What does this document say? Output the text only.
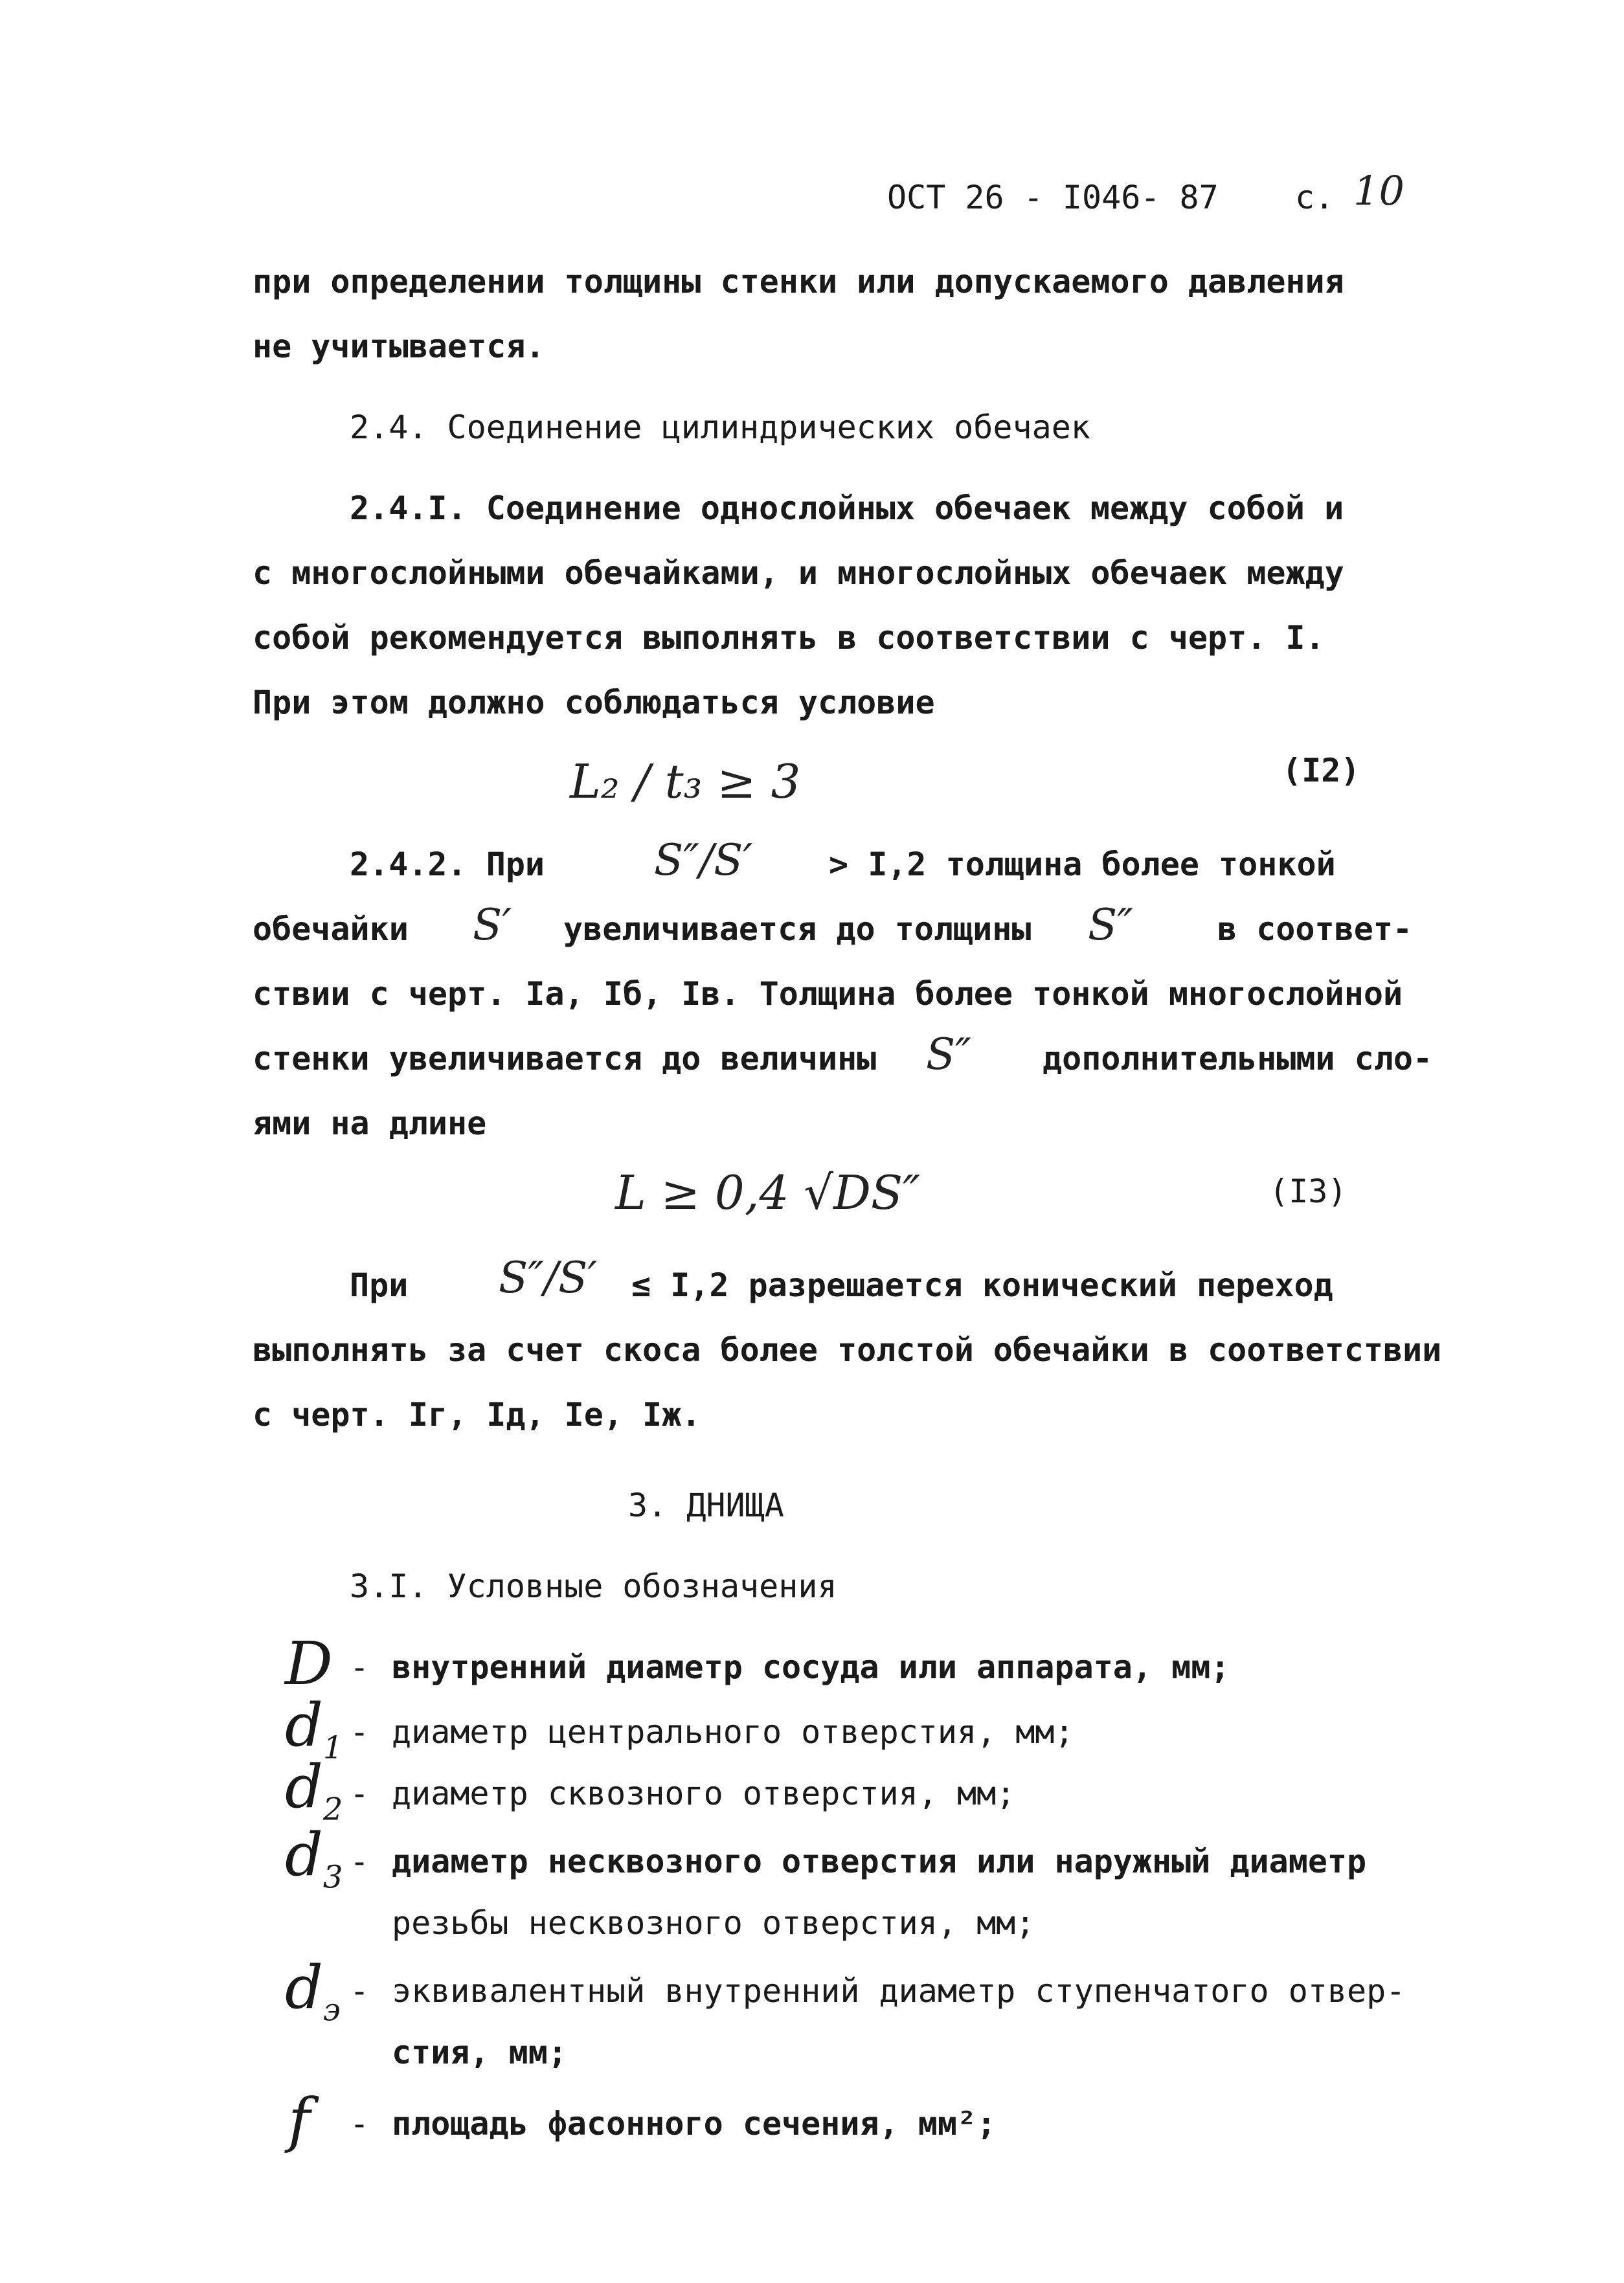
ОСТ 26 - I046- 87 с. 10
при определении толщины стенки или допускаемого давления
не учитывается.
2.4. Соединение цилиндрических обечаек
2.4.I. Соединение однослойных обечаек между собой и
с многослойными обечайками, и многослойных обечаек между
собой рекомендуется выполнять в соответствии с черт. I.
При этом должно соблюдаться условие
L₂ / t₃ ≥ 3	(I2)
2.4.2. При	S″/S′ > I,2 толщина более тонкой
обечайки S′ увеличивается до толщины S″	в соответ-
ствии с черт. Iа, Iб, Iв. Толщина более тонкой многослойной
стенки увеличивается до величины S″ дополнительными сло-
ями на длине
L ≥ 0,4 √DS″	(I3)
При S″/S′ ≤ I,2 разрешается конический переход
выполнять за счет скоса более толстой обечайки в соответствии
с черт. Iг, Iд, Iе, Iж.
3. ДНИЩА
3.I. Условные обозначения
D - внутренний диаметр сосуда или аппарата, мм;
$d_1$ - диаметр центрального отверстия, мм;
$d_2$ - диаметр сквозного отверстия, мм;
$d_3$ - диаметр несквозного отверстия или наружный диаметр
резьбы несквозного отверстия, мм;
$d_э$
- эквивалентный внутренний диаметр ступенчатого отвер-
стия, мм;
f - площадь фасонного сечения, мм²;
